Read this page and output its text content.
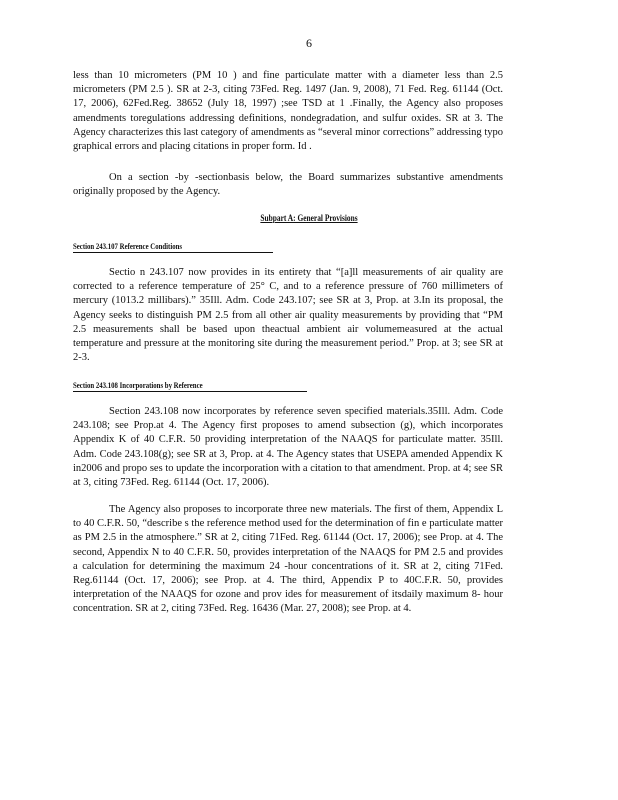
6

less than 10 micrometers (PM 10 ) and fine particulate matter with a diameter less than 2.5 micrometers (PM 2.5 ). SR at 2-3, citing 73Fed. Reg. 1497 (Jan. 9, 2008), 71 Fed. Reg. 61144 (Oct. 17, 2006), 62Fed.Reg. 38652 (July 18, 1997) ;see TSD at 1 .Finally, the Agency also proposes amendments toregulations addressing definitions, nondegradation, and sulfur oxides. SR at 3. The Agency characterizes this last category of amendments as “several minor corrections” addressing typo graphical errors and placing citations in proper form. Id .

On a section -by -sectionbasis below, the Board summarizes substantive amendments originally proposed by the Agency.

Subpart A: General Provisions
Section 243.107 Reference Conditions

Sectio n 243.107 now provides in its entirety that “[a]ll measurements of air quality are corrected to a reference temperature of 25° C, and to a reference pressure of 760 millimeters of mercury (1013.2 millibars).” 35Ill. Adm. Code 243.107; see SR at 3, Prop. at 3.In its proposal, the Agency seeks to distinguish PM 2.5 from all other air quality measurements by providing that “PM 2.5 measurements shall be based upon theactual ambient air volumemeasured at the actual temperature and pressure at the monitoring site during the measurement period.” Prop. at 3; see SR at 2-3.

Section 243.108 Incorporations by Reference

Section 243.108 now incorporates by reference seven specified materials.35Ill. Adm. Code 243.108; see Prop.at 4. The Agency first proposes to amend subsection (g), which incorporates Appendix K of 40 C.F.R. 50 providing interpretation of the NAAQS for particulate matter. 35Ill. Adm. Code 243.108(g); see SR at 3, Prop. at 4. The Agency states that USEPA amended Appendix K in2006 and propo ses to update the incorporation with a citation to that amendment. Prop. at 4; see SR at 3, citing 73Fed. Reg. 61144 (Oct. 17, 2006).

The Agency also proposes to incorporate three new materials. The first of them, Appendix L to 40 C.F.R. 50, “describe s the reference method used for the determination of fin e particulate matter as PM 2.5 in the atmosphere.” SR at 2, citing 71Fed. Reg. 61144 (Oct. 17, 2006); see Prop. at 4. The second, Appendix N to 40 C.F.R. 50, provides interpretation of the NAAQS for PM 2.5 and provides a calculation for determining the maximum 24 -hour concentrations of it. SR at 2, citing 71Fed. Reg.61144 (Oct. 17, 2006); see Prop. at 4. The third, Appendix P to 40C.F.R. 50, provides interpretation of the NAAQS for ozone and prov ides for measurement of itsdaily maximum 8- hour concentration. SR at 2, citing 73Fed. Reg. 16436 (Mar. 27, 2008); see Prop. at 4.
